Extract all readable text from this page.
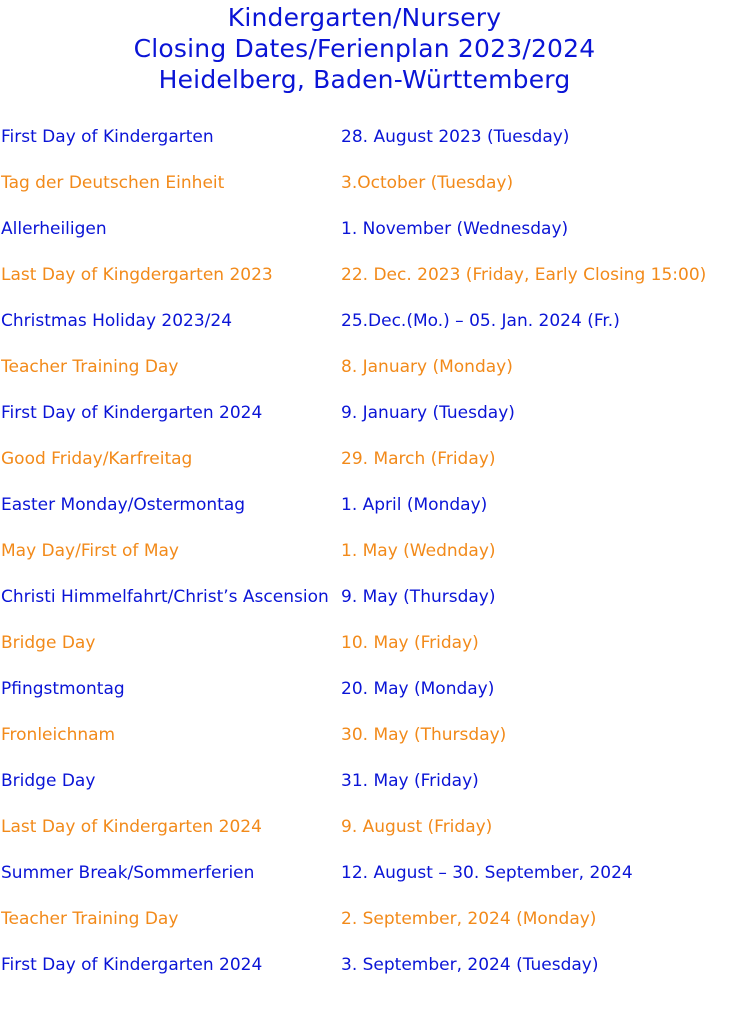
Kindergarten/Nursery
Closing Dates/Ferienplan 2023/2024
Heidelberg, Baden-Württemberg
First Day of Kindergarten	28. August 2023 (Tuesday)
Tag der Deutschen Einheit	3.October (Tuesday)
Allerheiligen	1. November (Wednesday)
Last Day of Kingdergarten 2023	22. Dec. 2023 (Friday, Early Closing 15:00)
Christmas Holiday 2023/24	25.Dec.(Mo.) – 05. Jan. 2024 (Fr.)
Teacher Training Day	8. January (Monday)
First Day of Kindergarten 2024	9. January (Tuesday)
Good Friday/Karfreitag	29. March (Friday)
Easter Monday/Ostermontag	1. April (Monday)
May Day/First of May	1. May (Wednday)
Christi Himmelfahrt/Christ’s Ascension 9. May (Thursday)
Bridge Day	10. May (Friday)
Pfingstmontag	20. May (Monday)
Fronleichnam	30. May (Thursday)
Bridge Day	31. May (Friday)
Last Day of Kindergarten 2024	9. August (Friday)
Summer Break/Sommerferien	12. August – 30. September, 2024
Teacher Training Day	2. September, 2024 (Monday)
First Day of Kindergarten 2024	3. September, 2024 (Tuesday)
